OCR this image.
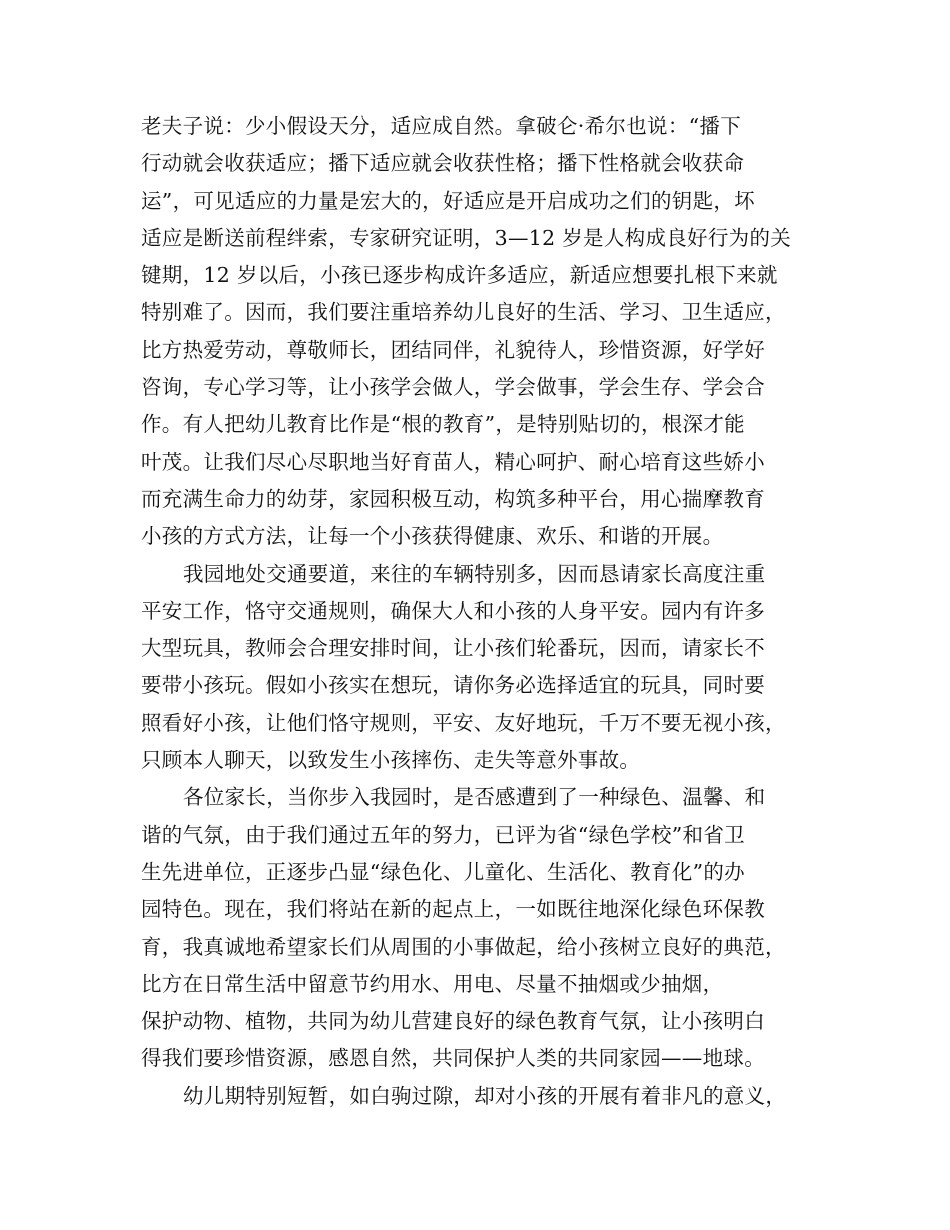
老夫子说：少小假设天分，适应成自然。拿破仑·希尔也说：“播下
行动就会收获适应；播下适应就会收获性格；播下性格就会收获命
运”，可见适应的力量是宏大的，好适应是开启成功之们的钥匙，坏
适应是断送前程绊索，专家研究证明，3—12 岁是人构成良好行为的关
键期，12 岁以后，小孩已逐步构成许多适应，新适应想要扎根下来就
特别难了。因而，我们要注重培养幼儿良好的生活、学习、卫生适应，
比方热爱劳动，尊敬师长，团结同伴，礼貌待人，珍惜资源，好学好
咨询，专心学习等，让小孩学会做人，学会做事，学会生存、学会合
作。有人把幼儿教育比作是“根的教育”，是特别贴切的，根深才能
叶茂。让我们尽心尽职地当好育苗人，精心呵护、耐心培育这些娇小
而充满生命力的幼芽，家园积极互动，构筑多种平台，用心揣摩教育
小孩的方式方法，让每一个小孩获得健康、欢乐、和谐的开展。
我园地处交通要道，来往的车辆特别多，因而恳请家长高度注重
平安工作，恪守交通规则，确保大人和小孩的人身平安。园内有许多
大型玩具，教师会合理安排时间，让小孩们轮番玩，因而，请家长不
要带小孩玩。假如小孩实在想玩，请你务必选择适宜的玩具，同时要
照看好小孩，让他们恪守规则，平安、友好地玩，千万不要无视小孩，
只顾本人聊天，以致发生小孩摔伤、走失等意外事故。
各位家长，当你步入我园时，是否感遭到了一种绿色、温馨、和
谐的气氛，由于我们通过五年的努力，已评为省“绿色学校”和省卫
生先进单位，正逐步凸显“绿色化、儿童化、生活化、教育化”的办
园特色。现在，我们将站在新的起点上，一如既往地深化绿色环保教
育，我真诚地希望家长们从周围的小事做起，给小孩树立良好的典范，
比方在日常生活中留意节约用水、用电、尽量不抽烟或少抽烟，
保护动物、植物，共同为幼儿营建良好的绿色教育气氛，让小孩明白
得我们要珍惜资源，感恩自然，共同保护人类的共同家园——地球。
幼儿期特别短暂，如白驹过隙，却对小孩的开展有着非凡的意义，
